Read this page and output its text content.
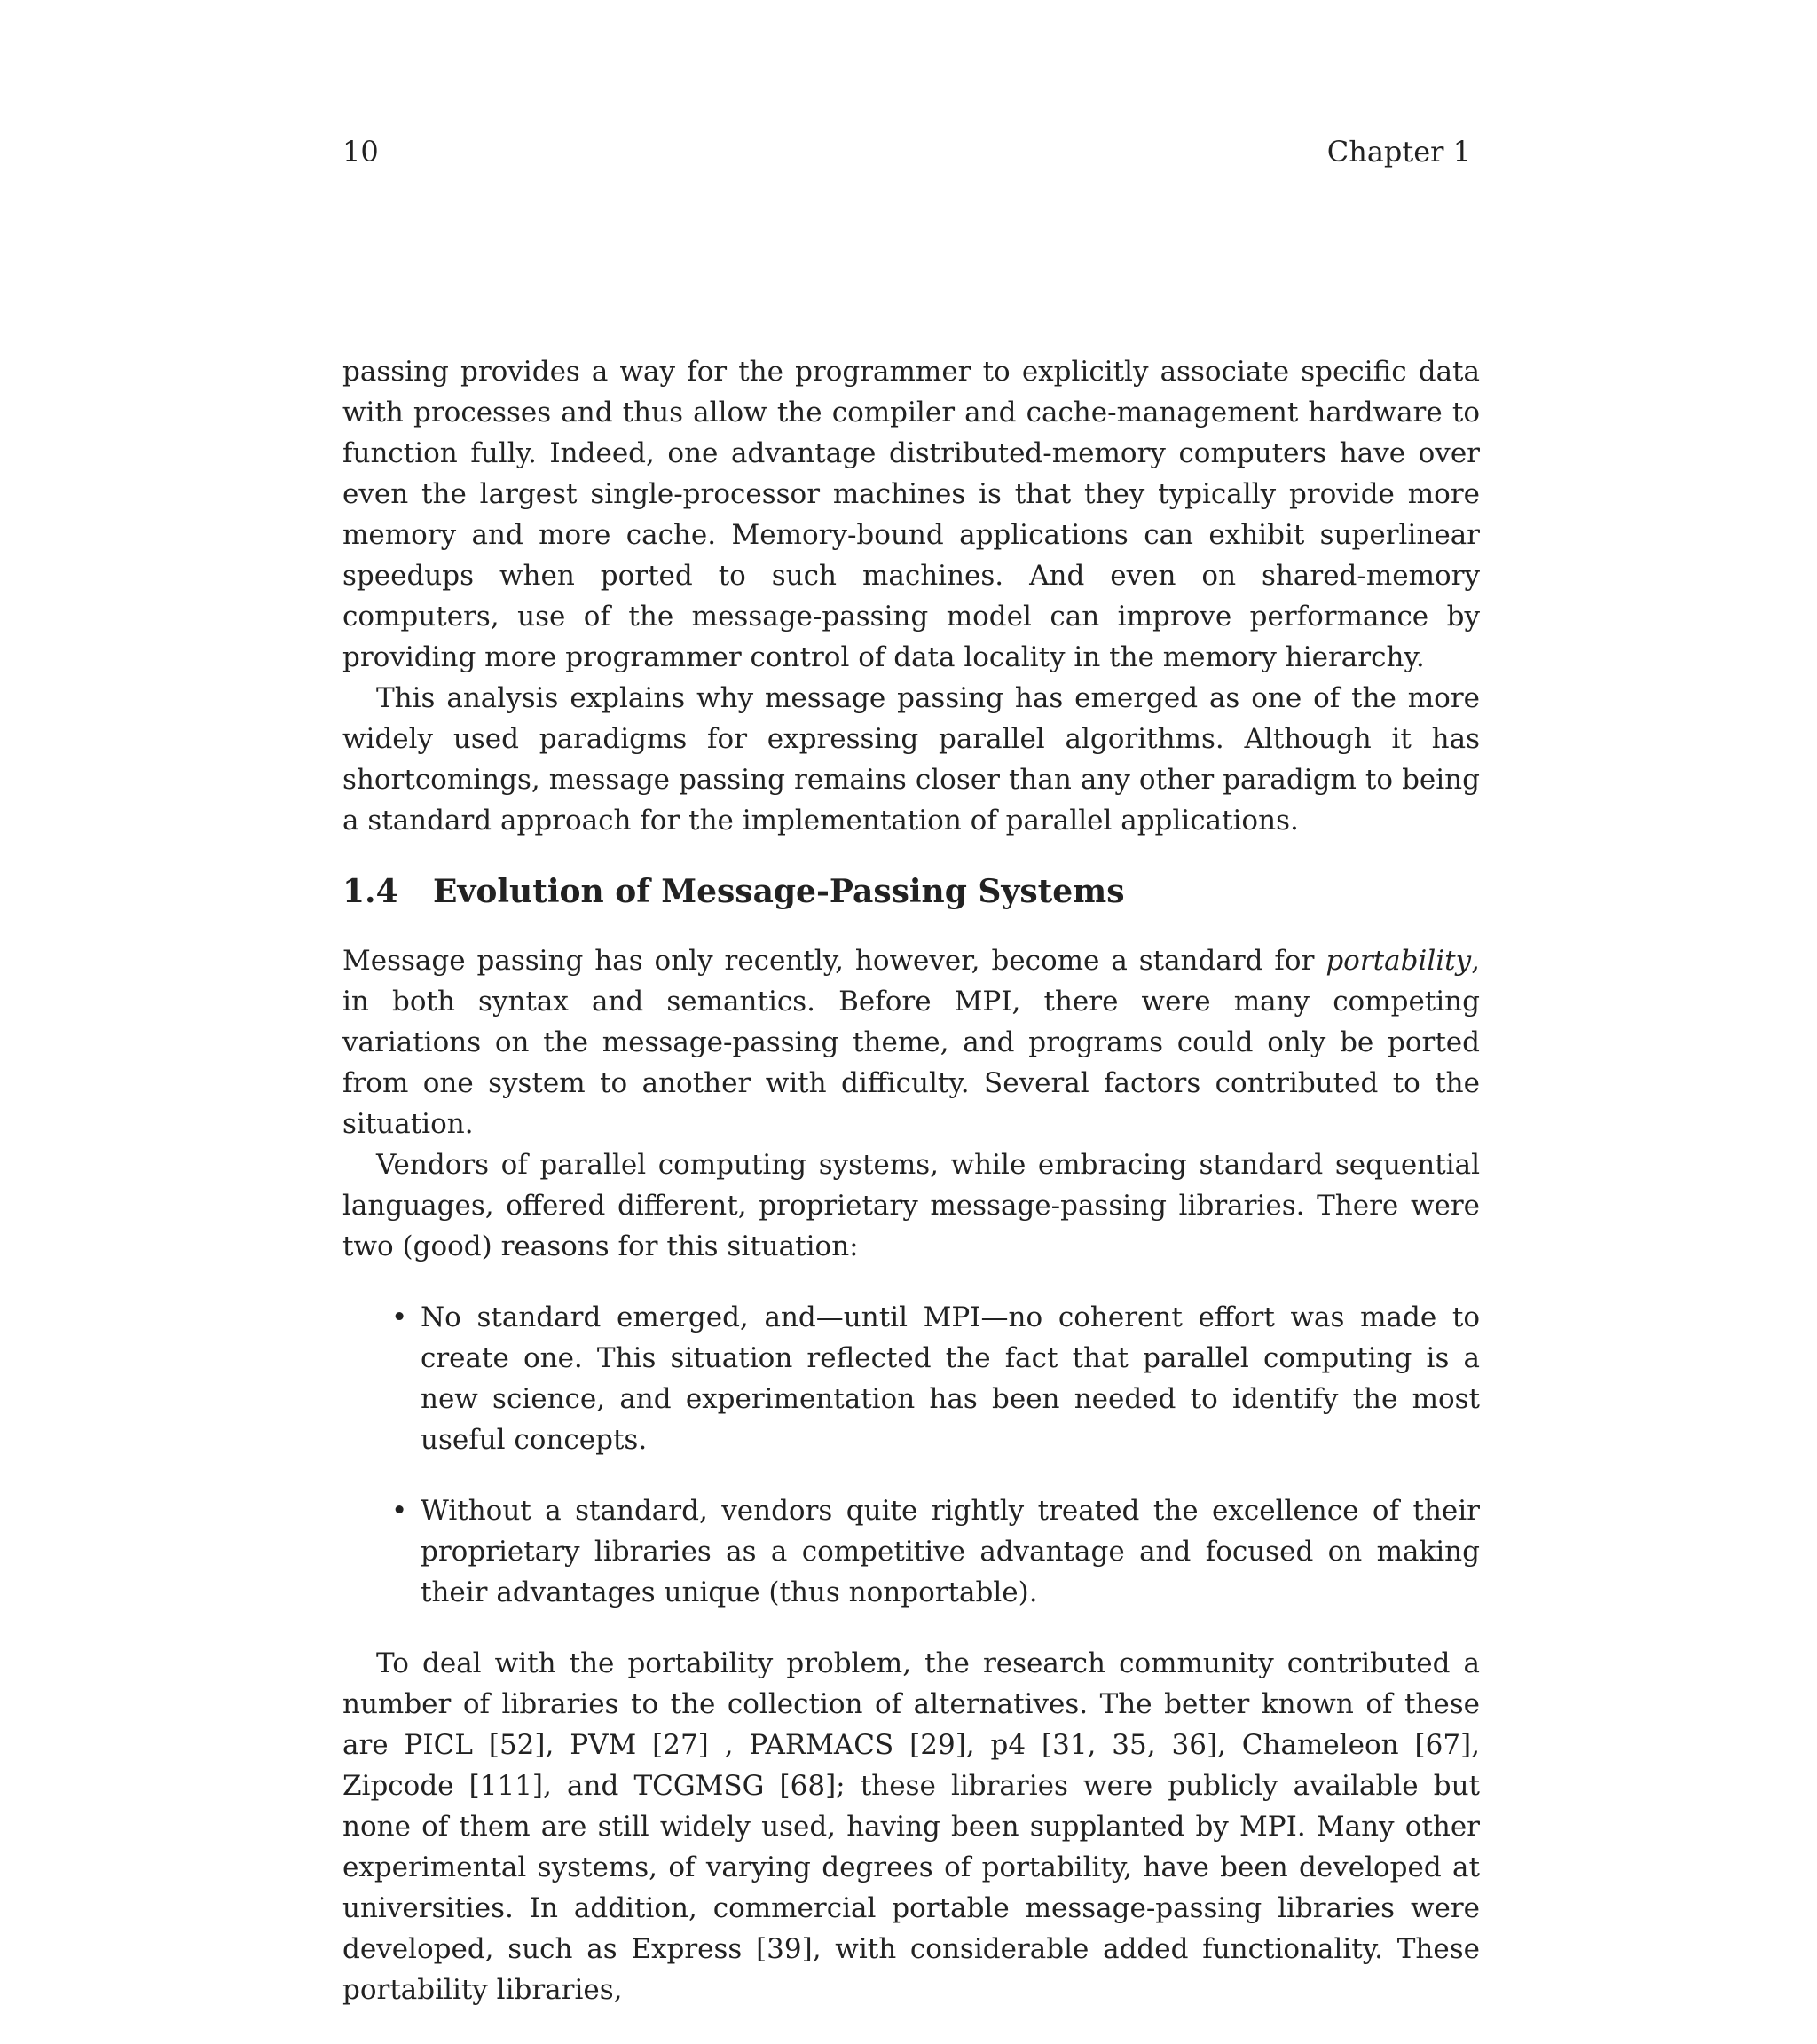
10	Chapter 1

passing provides a way for the programmer to explicitly associate specific data with processes and thus allow the compiler and cache-management hardware to function fully. Indeed, one advantage distributed-memory computers have over even the largest single-processor machines is that they typically provide more memory and more cache. Memory-bound applications can exhibit superlinear speedups when ported to such machines. And even on shared-memory computers, use of the message-passing model can improve performance by providing more programmer control of data locality in the memory hierarchy.

This analysis explains why message passing has emerged as one of the more widely used paradigms for expressing parallel algorithms. Although it has shortcomings, message passing remains closer than any other paradigm to being a standard approach for the implementation of parallel applications.

1.4 Evolution of Message-Passing Systems

Message passing has only recently, however, become a standard for portability, in both syntax and semantics. Before MPI, there were many competing variations on the message-passing theme, and programs could only be ported from one system to another with difficulty. Several factors contributed to the situation.

Vendors of parallel computing systems, while embracing standard sequential languages, offered different, proprietary message-passing libraries. There were two (good) reasons for this situation:

• No standard emerged, and—until MPI—no coherent effort was made to create one. This situation reflected the fact that parallel computing is a new science, and experimentation has been needed to identify the most useful concepts.
• Without a standard, vendors quite rightly treated the excellence of their proprietary libraries as a competitive advantage and focused on making their advantages unique (thus nonportable).

To deal with the portability problem, the research community contributed a number of libraries to the collection of alternatives. The better known of these are PICL [52], PVM [27] , PARMACS [29], p4 [31, 35, 36], Chameleon [67], Zipcode [111], and TCGMSG [68]; these libraries were publicly available but none of them are still widely used, having been supplanted by MPI. Many other experimental systems, of varying degrees of portability, have been developed at universities. In addition, commercial portable message-passing libraries were developed, such as Express [39], with considerable added functionality. These portability libraries,
